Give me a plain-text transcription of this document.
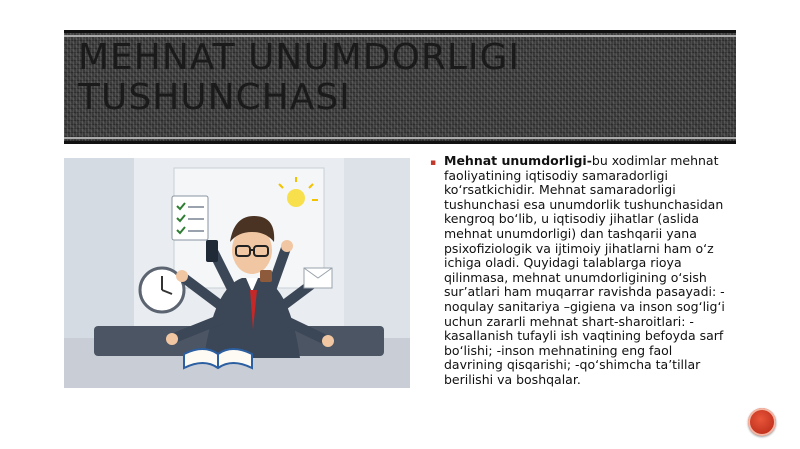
MEHNAT UNUMDORLIGI TUSHUNCHASI
▪ Mehnat unumdorligi-bu xodimlar mehnat faoliyatining iqtisodiy samaradorligi ko‘rsatkichidir. Mehnat samaradorligi tushunchasi esa unumdorlik tushunchasidan kengroq bo‘lib, u iqtisodiy jihatlar (aslida mehnat unumdorligi) dan tashqarii yana psixofiziologik va ijtimoiy jihatlarni ham o‘z ichiga oladi. Quyidagi talablarga rioya qilinmasa, mehnat unumdorligining o‘sish sur’atlari ham muqarrar ravishda pasayadi: -noqulay sanitariya –gigiena va inson sog‘lig‘i uchun zararli mehnat shart-sharoitlari: -kasallanish tufayli ish vaqtining befoyda sarf bo‘lishi; -inson mehnatining eng faol davrining qisqarishi; -qo‘shimcha ta’tillar berilishi va boshqalar.
